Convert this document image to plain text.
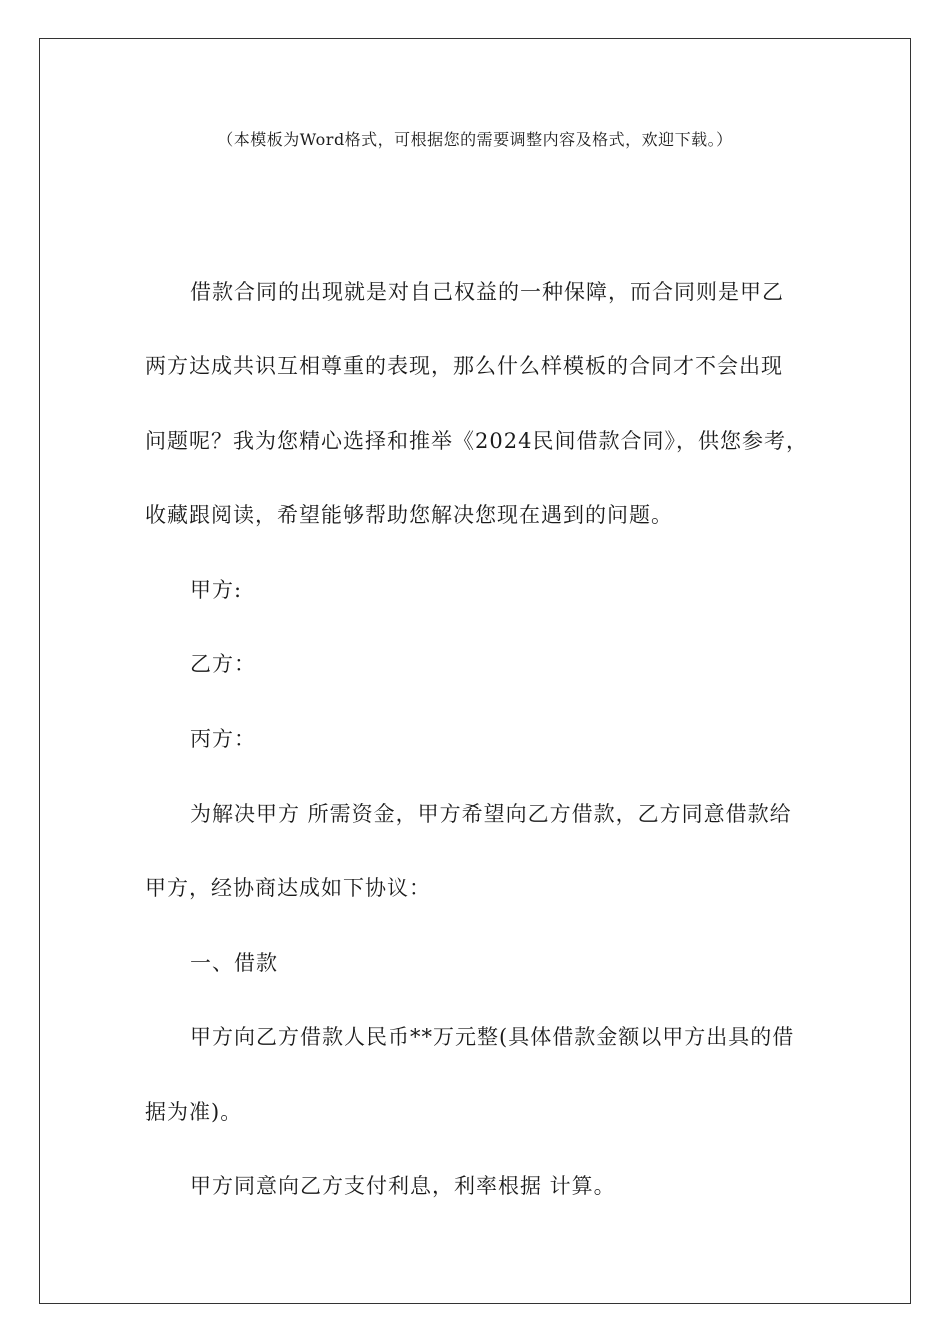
（本模板为Word格式，可根据您的需要调整内容及格式，欢迎下载。）
借款合同的出现就是对自己权益的一种保障，而合同则是甲乙
两方达成共识互相尊重的表现，那么什么样模板的合同才不会出现
问题呢？我为您精心选择和推举《2024民间借款合同》，供您参考，
收藏跟阅读，希望能够帮助您解决您现在遇到的问题。
甲方:
乙方：
丙方：
为解决甲方 所需资金，甲方希望向乙方借款，乙方同意借款给
甲方，经协商达成如下协议：
一、借款
甲方向乙方借款人民币**万元整(具体借款金额以甲方出具的借
据为准)。
甲方同意向乙方支付利息，利率根据 计算。
